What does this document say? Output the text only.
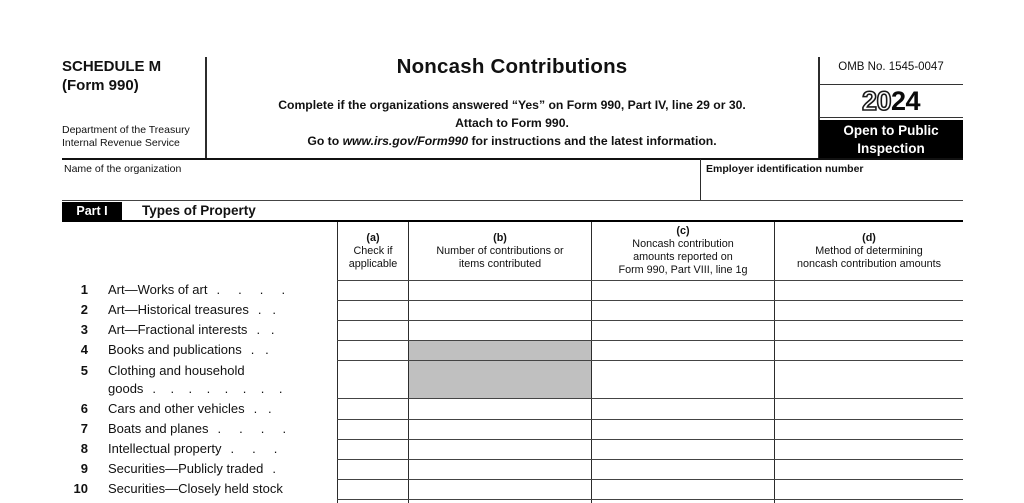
SCHEDULE M
(Form 990)
Department of the Treasury
Internal Revenue Service
Noncash Contributions
Complete if the organizations answered “Yes” on Form 990, Part IV, line 29 or 30.
Attach to Form 990.
Go to www.irs.gov/Form990 for instructions and the latest information.
OMB No. 1545-0047
2024
Open to Public
Inspection
Name of the organization	Employer identification number
Part I	Types of Property
(a)
Check if
applicable
(b)
Number of contributions or
items contributed
(c)
Noncash contribution
amounts reported on
Form 990, Part VIII, line 1g
(d)
Method of determining
noncash contribution amounts
1 Art—Works of art .     .     .     .
2 Art—Historical treasures .   .
3 Art—Fractional interests .   .
4 Books and publications .   .
5 Clothing and household
goods .    .    .    .    .    .    .    .
6 Cars and other vehicles .   .
7 Boats and planes .     .     .     .
8 Intellectual property .     .     .
9 Securities—Publicly traded .
10 Securities—Closely held stock
